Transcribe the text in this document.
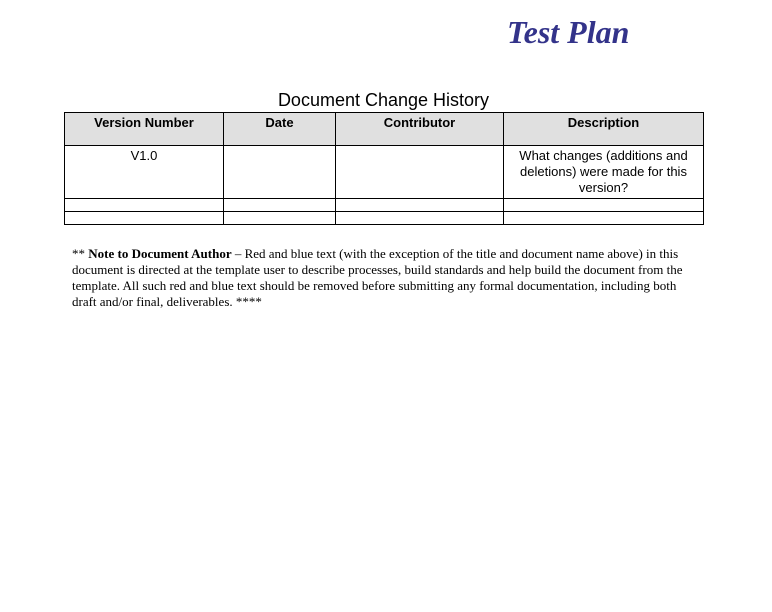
Test Plan
Document Change History
Version Number	Date	Contributor	Description
V1.0			What changes (additions and deletions) were made for this version?

** Note to Document Author – Red and blue text (with the exception of the title and document name above) in this document is directed at the template user to describe processes, build standards and help build the document from the template. All such red and blue text should be removed before submitting any formal documentation, including both draft and/or final, deliverables. ****
